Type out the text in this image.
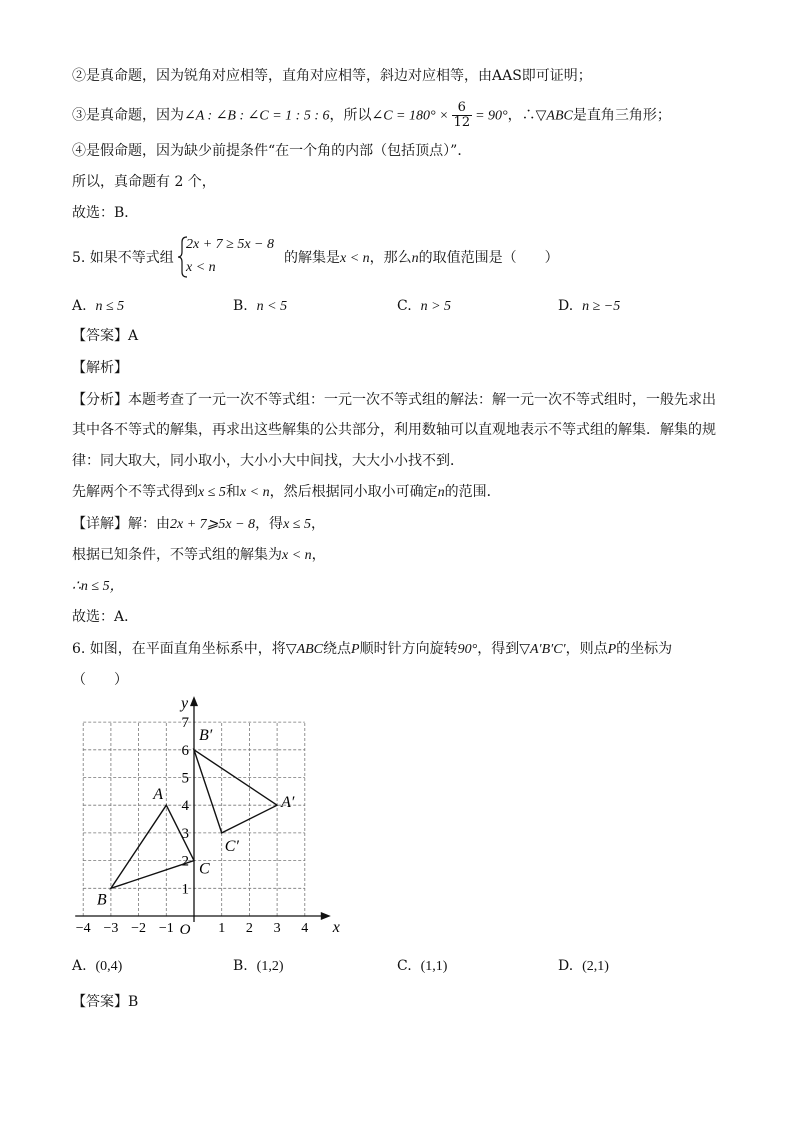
②是真命题，因为锐角对应相等，直角对应相等，斜边对应相等，由AAS即可证明；
③是真命题，因为∠A : ∠B : ∠C = 1 : 5 : 6，所以∠C = $180^\circ \times \frac{6}{12} = 90^\circ$，∴▽ABC是直角三角形；
④是假命题，因为缺少前提条件“在一个角的内部（包括顶点）”．
所以，真命题有 2 个，
故选：B．
5. 如果不等式组
2x + 7 ≥ 5x − 8
x < n
的解集是x < n，那么n的取值范围是（　　）
A. n ≤ 5	B. n < 5	C. n > 5	D. n ≥ −5
【答案】A
【解析】
【分析】本题考查了一元一次不等式组：一元一次不等式组的解法：解一元一次不等式组时，一般先求出
其中各不等式的解集，再求出这些解集的公共部分，利用数轴可以直观地表示不等式组的解集．解集的规
律：同大取大，同小取小，大小小大中间找，大大小小找不到．
先解两个不等式得到x ≤ 5和x < n，然后根据同小取小可确定n的范围．
【详解】解：由2x + 7⩾5x − 8，得x ≤ 5，
根据已知条件，不等式组的解集为x < n，
∴n ≤ 5，
故选：A．
6. 如图，在平面直角坐标系中，将▽ABC绕点P顺时针方向旋转90°，得到▽A′B′C′，则点P的坐标为
（　　）
−4 −3 −2 −1	1 2 3 4
1
2
3
4
5
6
7
O	x
y
A
B
C
A′
B′
C′
A. (0,4)	B. (1,2)	C. (1,1)	D. (2,1)
【答案】B
